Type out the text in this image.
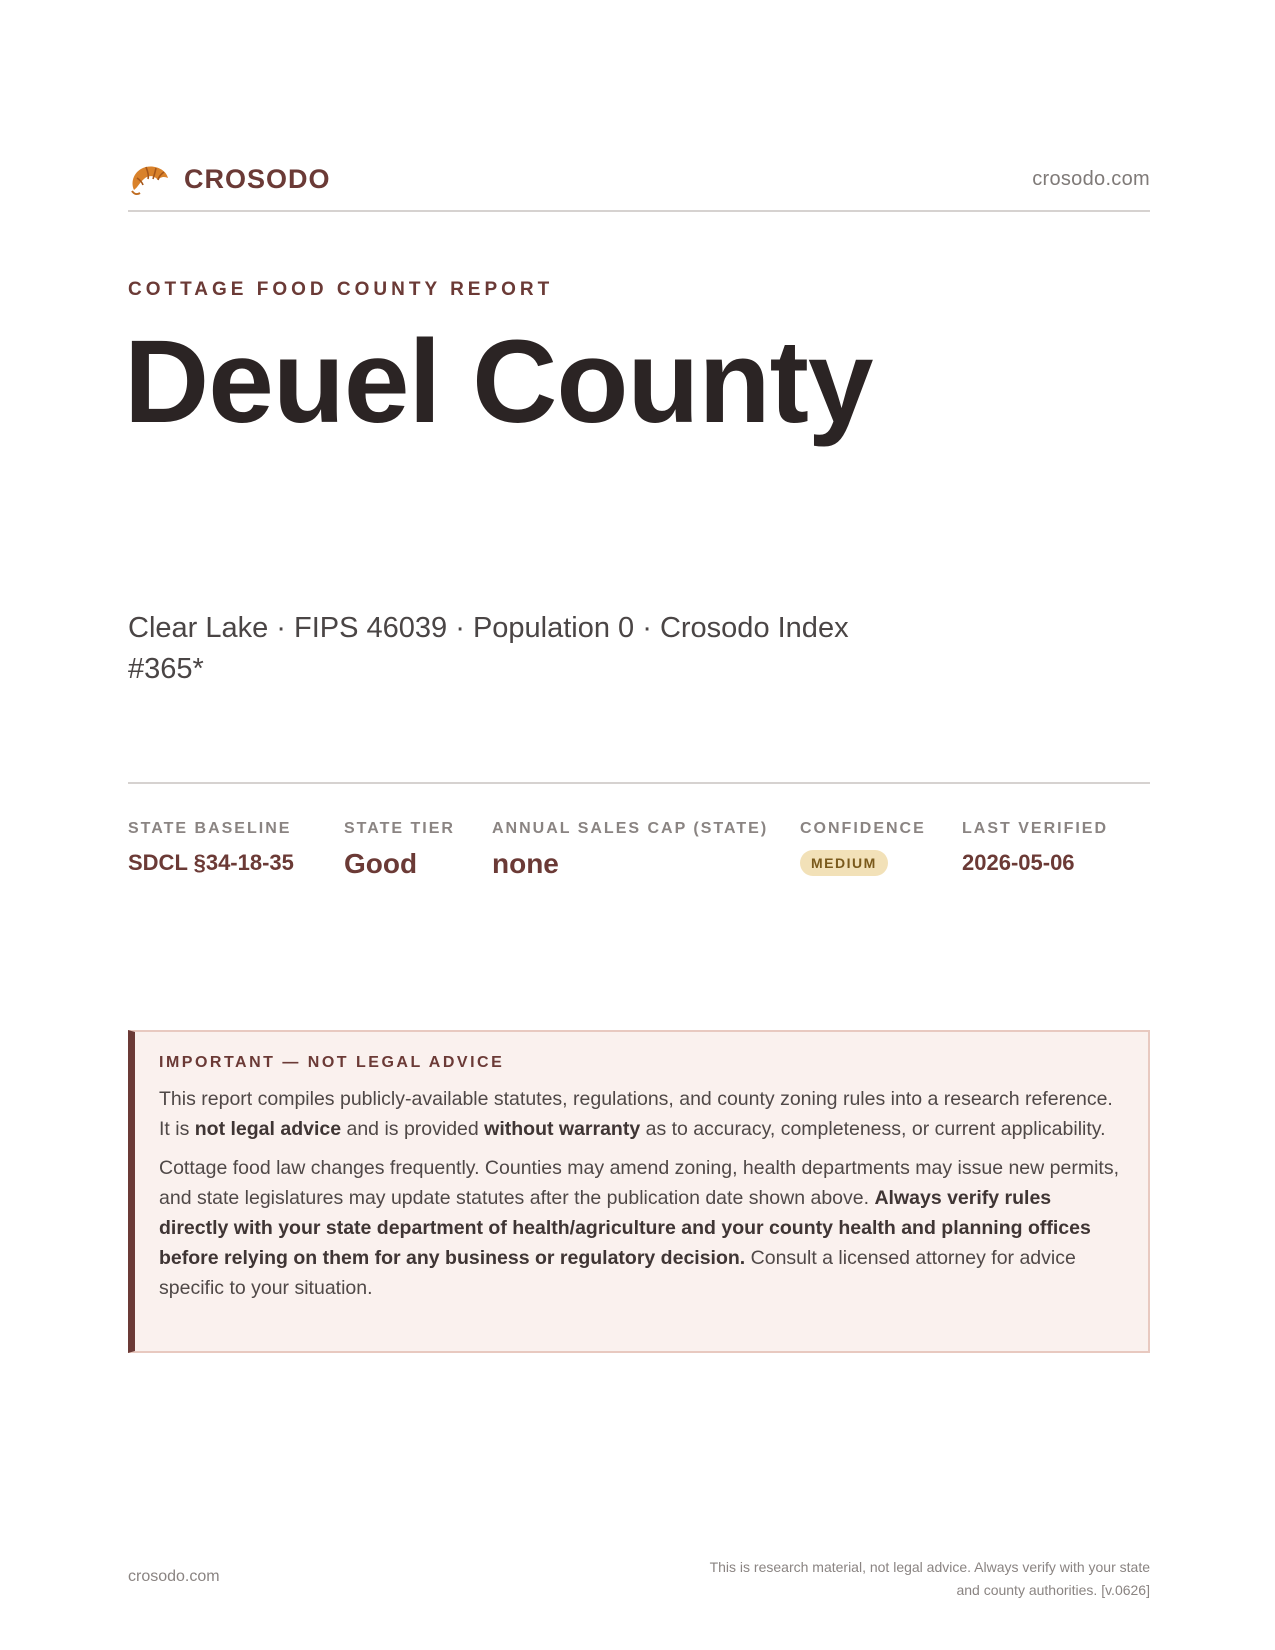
CROSODO	crosodo.com
COTTAGE FOOD COUNTY REPORT
Deuel County
Clear Lake · FIPS 46039 · Population 0 · Crosodo Index #365*
STATE BASELINE
SDCL §34-18-35
STATE TIER
Good
ANNUAL SALES CAP (STATE)
none
CONFIDENCE
MEDIUM
LAST VERIFIED
2026-05-06
IMPORTANT — NOT LEGAL ADVICE

This report compiles publicly-available statutes, regulations, and county zoning rules into a research reference. It is not legal advice and is provided without warranty as to accuracy, completeness, or current applicability.

Cottage food law changes frequently. Counties may amend zoning, health departments may issue new permits, and state legislatures may update statutes after the publication date shown above. Always verify rules directly with your state department of health/agriculture and your county health and planning offices before relying on them for any business or regulatory decision. Consult a licensed attorney for advice specific to your situation.

crosodo.com
This is research material, not legal advice. Always verify with your state
and county authorities. [v.0626]
